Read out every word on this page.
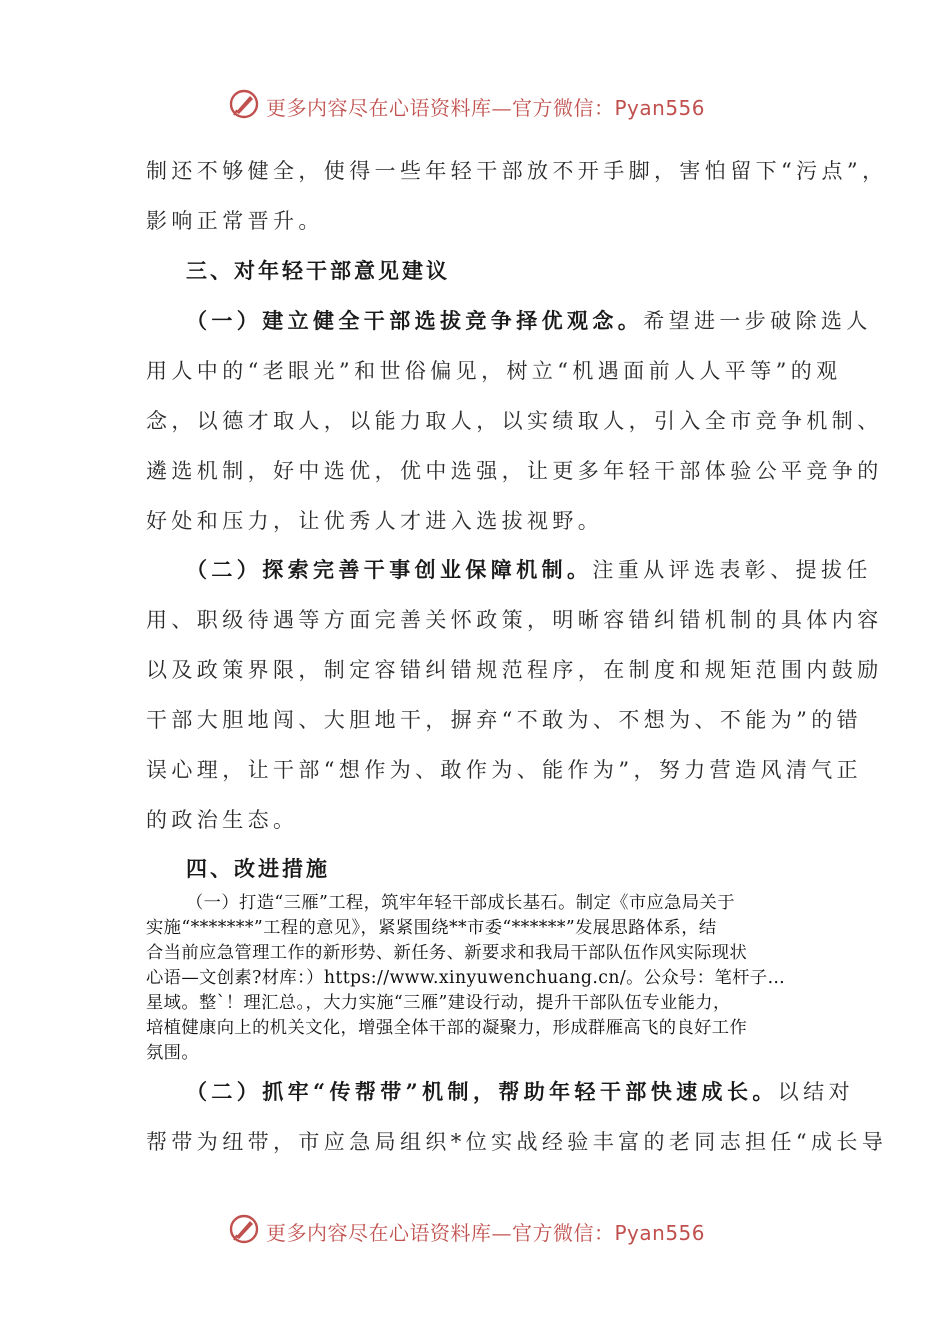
更多内容尽在心语资料库—官方微信：Pyan556
制还不够健全，使得一些年轻干部放不开手脚，害怕留下“污点”，
影响正常晋升。
三、对年轻干部意见建议
（一）建立健全干部选拔竞争择优观念。希望进一步破除选人
用人中的“老眼光”和世俗偏见，树立“机遇面前人人平等”的观
念，以德才取人，以能力取人，以实绩取人，引入全市竞争机制、
遴选机制，好中选优，优中选强，让更多年轻干部体验公平竞争的
好处和压力，让优秀人才进入选拔视野。
（二）探索完善干事创业保障机制。注重从评选表彰、提拔任
用、职级待遇等方面完善关怀政策，明晰容错纠错机制的具体内容
以及政策界限，制定容错纠错规范程序，在制度和规矩范围内鼓励
干部大胆地闯、大胆地干，摒弃“不敢为、不想为、不能为”的错
误心理，让干部“想作为、敢作为、能作为”，努力营造风清气正
的政治生态。
四、改进措施
（一）打造“三雁”工程，筑牢年轻干部成长基石。制定《市应急局关于
实施“*******”工程的意见》，紧紧围绕**市委“******”发展思路体系，结
合当前应急管理工作的新形势、新任务、新要求和我局干部队伍作风实际现状
心语—文创素?材库：）https://www.xinyuwenchuang.cn/。公众号：笔杆子…
星域。整`！理汇总。，大力实施“三雁”建设行动，提升干部队伍专业能力，
培植健康向上的机关文化，增强全体干部的凝聚力，形成群雁高飞的良好工作
氛围。
（二）抓牢“传帮带”机制，帮助年轻干部快速成长。以结对
帮带为纽带，市应急局组织*位实战经验丰富的老同志担任“成长导
更多内容尽在心语资料库—官方微信：Pyan556
